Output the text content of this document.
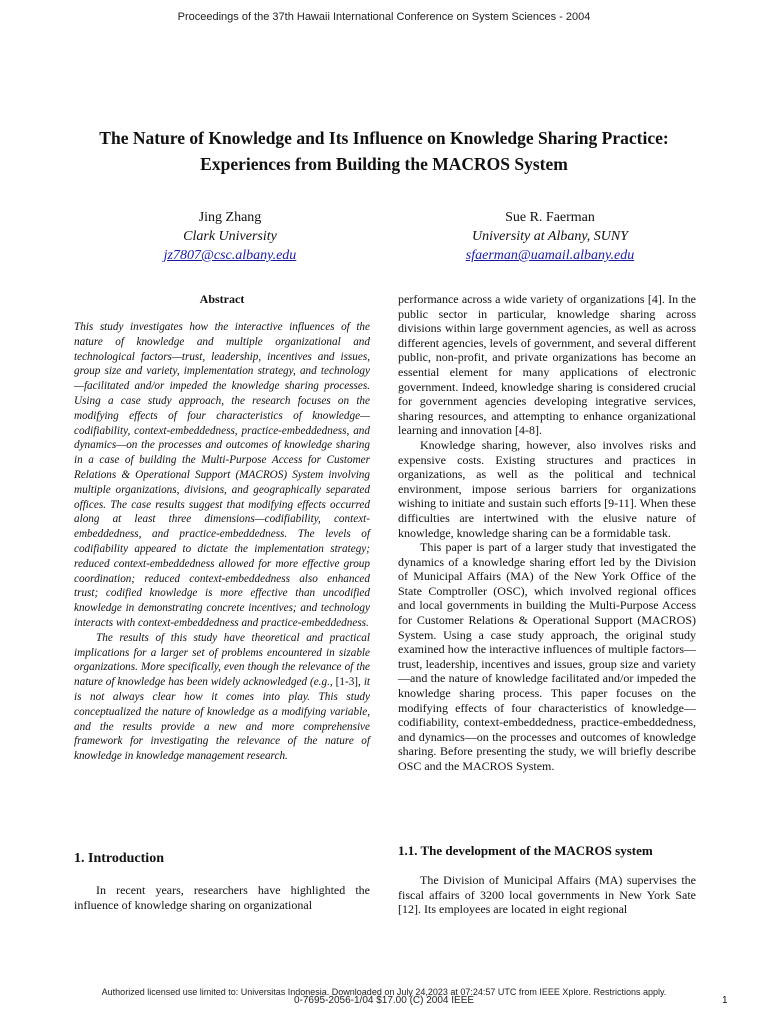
Proceedings of the 37th Hawaii International Conference on System Sciences - 2004
The Nature of Knowledge and Its Influence on Knowledge Sharing Practice:
Experiences from Building the MACROS System
Jing Zhang
Clark University
jz7807@csc.albany.edu
Sue R. Faerman
University at Albany, SUNY
sfaerman@uamail.albany.edu
Abstract

This study investigates how the interactive influences of the nature of knowledge and multiple organizational and technological factors—trust, leadership, incentives and issues, group size and variety, implementation strategy, and technology—facilitated and/or impeded the knowledge sharing processes. Using a case study approach, the research focuses on the modifying effects of four characteristics of knowledge—codifiability, context-embeddedness, practice-embeddedness, and dynamics—on the processes and outcomes of knowledge sharing in a case of building the Multi-Purpose Access for Customer Relations & Operational Support (MACROS) System involving multiple organizations, divisions, and geographically separated offices. The case results suggest that modifying effects occurred along at least three dimensions—codifiability, context-embeddedness, and practice-embeddedness. The levels of codifiability appeared to dictate the implementation strategy; reduced context-embeddedness allowed for more effective group coordination; reduced context-embeddedness also enhanced trust; codified knowledge is more effective than uncodified knowledge in demonstrating concrete incentives; and technology interacts with context-embeddedness and practice-embeddedness.

The results of this study have theoretical and practical implications for a larger set of problems encountered in sizable organizations. More specifically, even though the relevance of the nature of knowledge has been widely acknowledged (e.g., [1-3], it is not always clear how it comes into play. This study conceptualized the nature of knowledge as a modifying variable, and the results provide a new and more comprehensive framework for investigating the relevance of the nature of knowledge in knowledge management research.

1. Introduction

In recent years, researchers have highlighted the influence of knowledge sharing on organizational

performance across a wide variety of organizations [4]. In the public sector in particular, knowledge sharing across divisions within large government agencies, as well as across different agencies, levels of government, and several different public, non-profit, and private organizations has become an essential element for many applications of electronic government. Indeed, knowledge sharing is considered crucial for government agencies developing integrative services, sharing resources, and attempting to enhance organizational learning and innovation [4-8].

Knowledge sharing, however, also involves risks and expensive costs. Existing structures and practices in organizations, as well as the political and technical environment, impose serious barriers for organizations wishing to initiate and sustain such efforts [9-11]. When these difficulties are intertwined with the elusive nature of knowledge, knowledge sharing can be a formidable task.

This paper is part of a larger study that investigated the dynamics of a knowledge sharing effort led by the Division of Municipal Affairs (MA) of the New York Office of the State Comptroller (OSC), which involved regional offices and local governments in building the Multi-Purpose Access for Customer Relations & Operational Support (MACROS) System. Using a case study approach, the original study examined how the interactive influences of multiple factors—trust, leadership, incentives and issues, group size and variety—and the nature of knowledge facilitated and/or impeded the knowledge sharing process. This paper focuses on the modifying effects of four characteristics of knowledge—codifiability, context-embeddedness, practice-embeddedness, and dynamics—on the processes and outcomes of knowledge sharing. Before presenting the study, we will briefly describe OSC and the MACROS System.

1.1. The development of the MACROS system

The Division of Municipal Affairs (MA) supervises the fiscal affairs of 3200 local governments in New York Sate [12]. Its employees are located in eight regional

Authorized licensed use limited to: Universitas Indonesia. Downloaded on July 24,2023 at 07:24:57 UTC from IEEE Xplore. Restrictions apply.
0-7695-2056-1/04 $17.00 (C) 2004 IEEE	1
